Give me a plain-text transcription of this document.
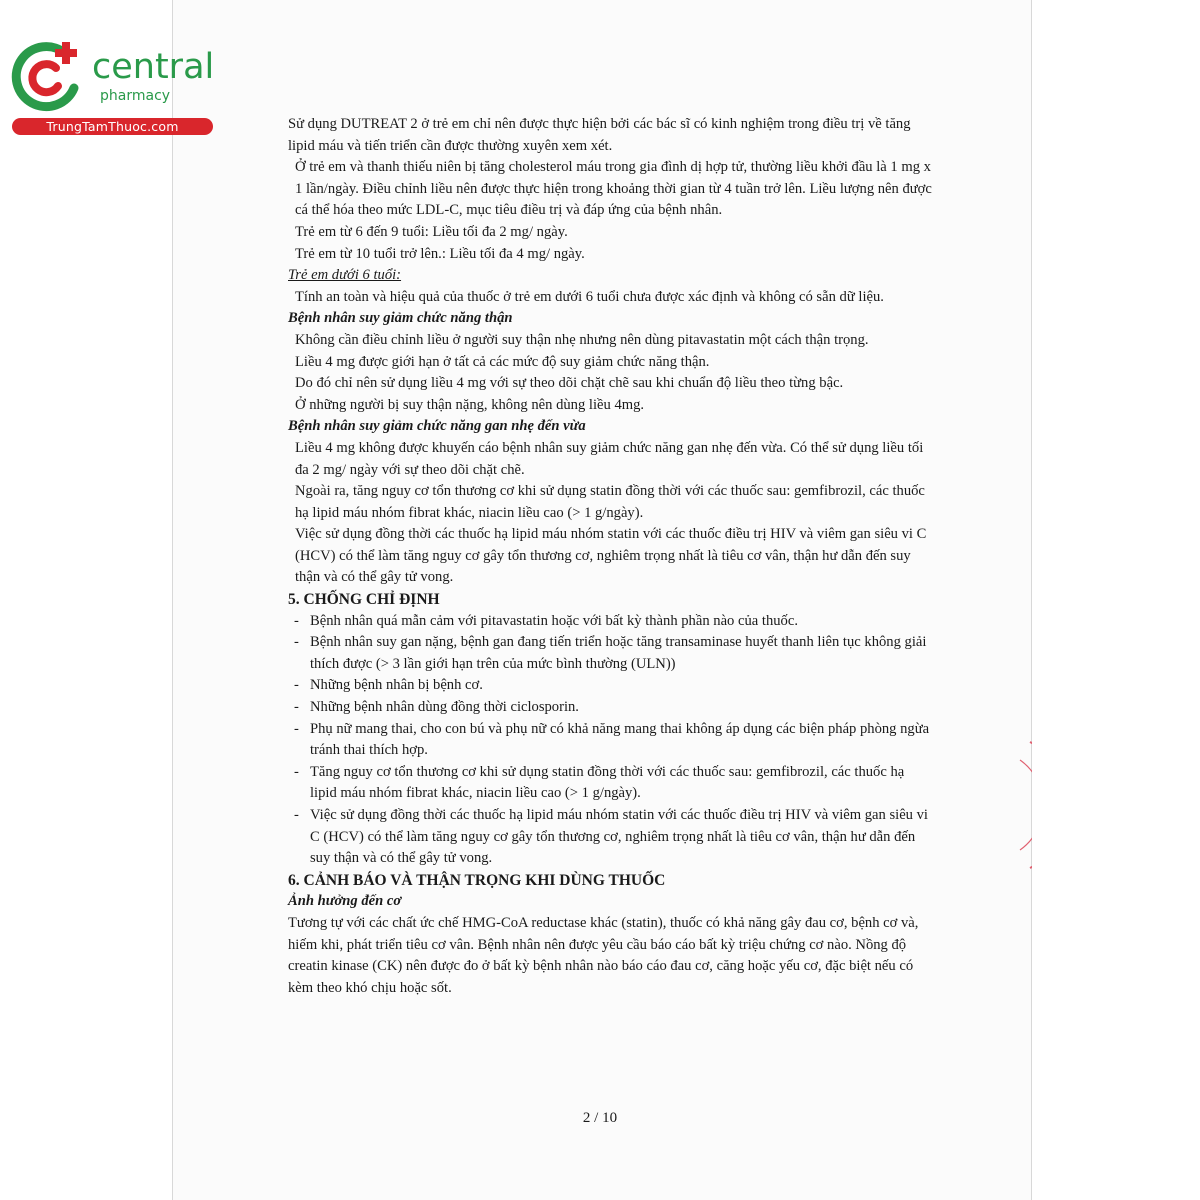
central
pharmacy
TrungTamThuoc.com	Sử dụng DUTREAT 2 ở trẻ em chỉ nên được thực hiện bởi các bác sĩ có kinh nghiệm trong điều trị về tăng lipid máu và tiến triển cần được thường xuyên xem xét.

Ở trẻ em và thanh thiếu niên bị tăng cholesterol máu trong gia đình dị hợp tử, thường liều khởi đầu là 1 mg x 1 lần/ngày. Điều chỉnh liều nên được thực hiện trong khoảng thời gian từ 4 tuần trở lên. Liều lượng nên được cá thể hóa theo mức LDL-C, mục tiêu điều trị và đáp ứng của bệnh nhân.

Trẻ em từ 6 đến 9 tuổi: Liều tối đa 2 mg/ ngày.

Trẻ em từ 10 tuổi trở lên.: Liều tối đa 4 mg/ ngày.

Trẻ em dưới 6 tuổi:

Tính an toàn và hiệu quả của thuốc ở trẻ em dưới 6 tuổi chưa được xác định và không có sẵn dữ liệu.

Bệnh nhân suy giảm chức năng thận

Không cần điều chỉnh liều ở người suy thận nhẹ nhưng nên dùng pitavastatin một cách thận trọng.

Liều 4 mg được giới hạn ở tất cả các mức độ suy giảm chức năng thận.

Do đó chỉ nên sử dụng liều 4 mg với sự theo dõi chặt chẽ sau khi chuẩn độ liều theo từng bậc.

Ở những người bị suy thận nặng, không nên dùng liều 4mg.

Bệnh nhân suy giảm chức năng gan nhẹ đến vừa

Liều 4 mg không được khuyến cáo bệnh nhân suy giảm chức năng gan nhẹ đến vừa. Có thể sử dụng liều tối đa 2 mg/ ngày với sự theo dõi chặt chẽ.

Ngoài ra, tăng nguy cơ tổn thương cơ khi sử dụng statin đồng thời với các thuốc sau: gemfibrozil, các thuốc hạ lipid máu nhóm fibrat khác, niacin liều cao (> 1 g/ngày).

Việc sử dụng đồng thời các thuốc hạ lipid máu nhóm statin với các thuốc điều trị HIV và viêm gan siêu vi C (HCV) có thể làm tăng nguy cơ gây tổn thương cơ, nghiêm trọng nhất là tiêu cơ vân, thận hư dẫn đến suy thận và có thể gây tử vong.

5. CHỐNG CHỈ ĐỊNH

- Bệnh nhân quá mẫn cảm với pitavastatin hoặc với bất kỳ thành phần nào của thuốc.
- Bệnh nhân suy gan nặng, bệnh gan đang tiến triển hoặc tăng transaminase huyết thanh liên tục không giải thích được (> 3 lần giới hạn trên của mức bình thường (ULN))
- Những bệnh nhân bị bệnh cơ.
- Những bệnh nhân dùng đồng thời ciclosporin.
- Phụ nữ mang thai, cho con bú và phụ nữ có khả năng mang thai không áp dụng các biện pháp phòng ngừa tránh thai thích hợp.
- Tăng nguy cơ tổn thương cơ khi sử dụng statin đồng thời với các thuốc sau: gemfibrozil, các thuốc hạ lipid máu nhóm fibrat khác, niacin liều cao (> 1 g/ngày).
- Việc sử dụng đồng thời các thuốc hạ lipid máu nhóm statin với các thuốc điều trị HIV và viêm gan siêu vi C (HCV) có thể làm tăng nguy cơ gây tổn thương cơ, nghiêm trọng nhất là tiêu cơ vân, thận hư dẫn đến suy thận và có thể gây tử vong.

6. CẢNH BÁO VÀ THẬN TRỌNG KHI DÙNG THUỐC

Ảnh hưởng đến cơ

Tương tự với các chất ức chế HMG-CoA reductase khác (statin), thuốc có khả năng gây đau cơ, bệnh cơ và, hiếm khi, phát triển tiêu cơ vân. Bệnh nhân nên được yêu cầu báo cáo bất kỳ triệu chứng cơ nào. Nồng độ creatin kinase (CK) nên được đo ở bất kỳ bệnh nhân nào báo cáo đau cơ, căng hoặc yếu cơ, đặc biệt nếu có kèm theo khó chịu hoặc sốt.

2 / 10
